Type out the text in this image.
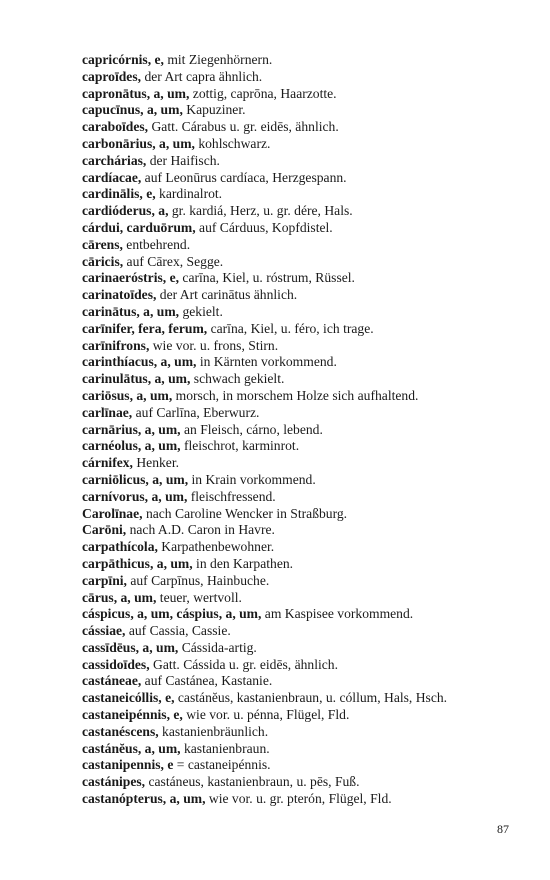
capricórnis, e, mit Ziegenhörnern.
caproīdes, der Art capra ähnlich.
capronātus, a, um, zottig, caprōna, Haarzotte.
capucīnus, a, um, Kapuziner.
caraboīdes, Gatt. Cárabus u. gr. eidēs, ähnlich.
carbonārius, a, um, kohlschwarz.
carchárias, der Haifisch.
cardíacae, auf Leonūrus cardíaca, Herzgespann.
cardinālis, e, kardinalrot.
cardióderus, a, gr. kardiá, Herz, u. gr. dére, Hals.
cárdui, carduōrum, auf Cárduus, Kopfdistel.
cārens, entbehrend.
cāricis, auf Cārex, Segge.
carinaeróstris, e, carīna, Kiel, u. róstrum, Rüssel.
carinatoīdes, der Art carinātus ähnlich.
carinātus, a, um, gekielt.
carīnifer, fera, ferum, carīna, Kiel, u. féro, ich trage.
carīnifrons, wie vor. u. frons, Stirn.
carinthíacus, a, um, in Kärnten vorkommend.
carinulātus, a, um, schwach gekielt.
cariōsus, a, um, morsch, in morschem Holze sich aufhaltend.
carlīnae, auf Carlīna, Eberwurz.
carnārius, a, um, an Fleisch, cárno, lebend.
carnéolus, a, um, fleischrot, karminrot.
cárnifex, Henker.
carniōlicus, a, um, in Krain vorkommend.
carnívorus, a, um, fleischfressend.
Carolīnae, nach Caroline Wencker in Straßburg.
Carōni, nach A.D. Caron in Havre.
carpathícola, Karpathenbewohner.
carpāthicus, a, um, in den Karpathen.
carpīni, auf Carpīnus, Hainbuche.
cārus, a, um, teuer, wertvoll.
cáspicus, a, um, cáspius, a, um, am Kaspisee vorkommend.
cássiae, auf Cassia, Cassie.
cassīdēus, a, um, Cássida-artig.
cassidoīdes, Gatt. Cássida u. gr. eidēs, ähnlich.
castáneae, auf Castánea, Kastanie.
castaneicóllis, e, castánĕus, kastanienbraun, u. cóllum, Hals, Hsch.
castaneipénnis, e, wie vor. u. pénna, Flügel, Fld.
castanéscens, kastanienbräunlich.
castánĕus, a, um, kastanienbraun.
castanipennis, e = castaneipénnis.
castánipes, castáneus, kastanienbraun, u. pēs, Fuß.
castanópterus, a, um, wie vor. u. gr. pterón, Flügel, Fld.
87
